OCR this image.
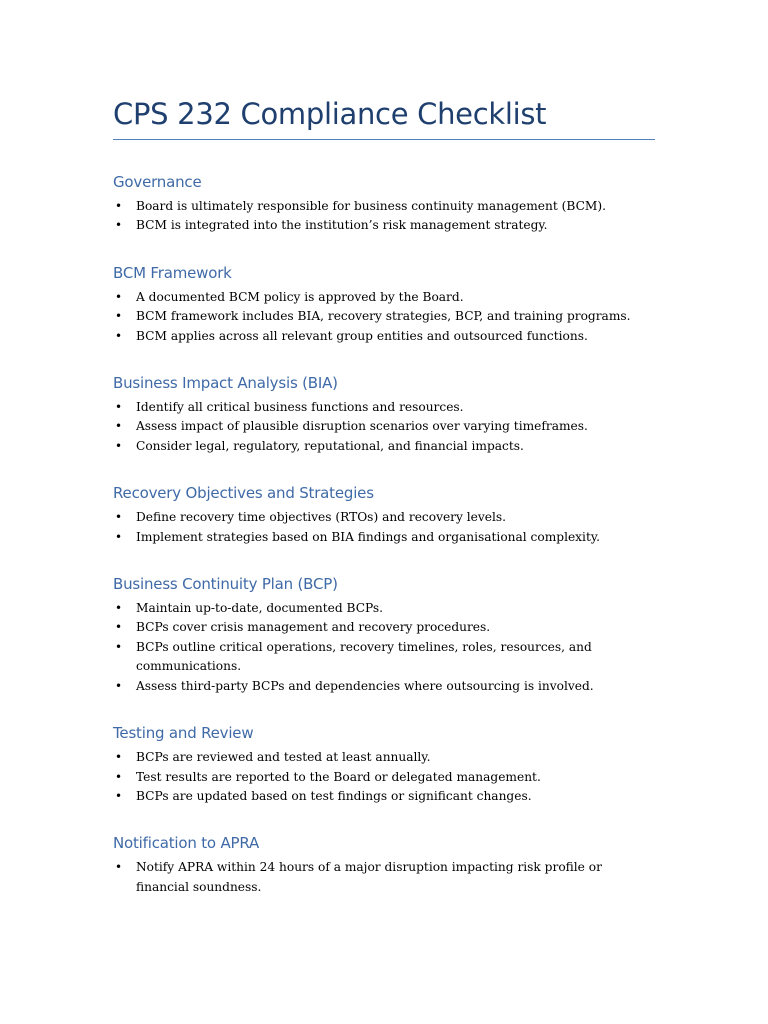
CPS 232 Compliance Checklist
Governance
• Board is ultimately responsible for business continuity management (BCM).
• BCM is integrated into the institution’s risk management strategy.
BCM Framework
• A documented BCM policy is approved by the Board.
• BCM framework includes BIA, recovery strategies, BCP, and training programs.
• BCM applies across all relevant group entities and outsourced functions.
Business Impact Analysis (BIA)
• Identify all critical business functions and resources.
• Assess impact of plausible disruption scenarios over varying timeframes.
• Consider legal, regulatory, reputational, and financial impacts.
Recovery Objectives and Strategies
• Define recovery time objectives (RTOs) and recovery levels.
• Implement strategies based on BIA findings and organisational complexity.
Business Continuity Plan (BCP)
• Maintain up-to-date, documented BCPs.
• BCPs cover crisis management and recovery procedures.
• BCPs outline critical operations, recovery timelines, roles, resources, and communications.
• Assess third-party BCPs and dependencies where outsourcing is involved.
Testing and Review
• BCPs are reviewed and tested at least annually.
• Test results are reported to the Board or delegated management.
• BCPs are updated based on test findings or significant changes.
Notification to APRA
• Notify APRA within 24 hours of a major disruption impacting risk profile or financial soundness.
